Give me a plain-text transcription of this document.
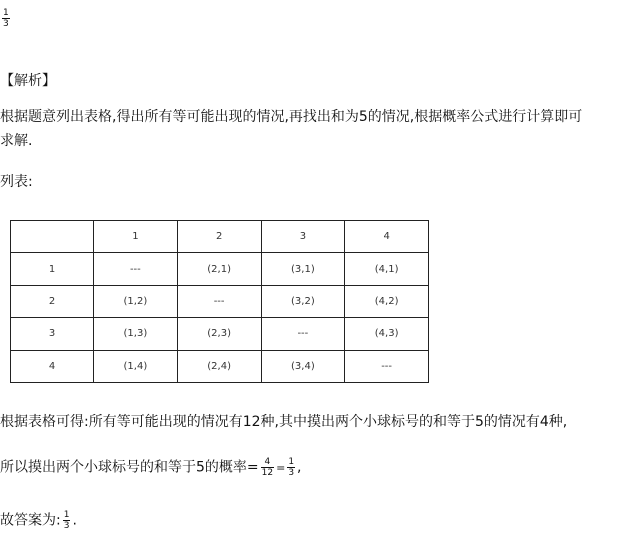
$\frac{1}{3}$
【解析】
根据题意列出表格,得出所有等可能出现的情况,再找出和为5的情况,根据概率公式进行计算即可
求解.
列表:
	1	2	3	4
1	---	(2,1)	(3,1)	(4,1)
2	(1,2)	---	(3,2)	(4,2)
3	(1,3)	(2,3)	---	(4,3)
4	(1,4)	(2,4)	(3,4)	---
根据表格可得:所有等可能出现的情况有12种,其中摸出两个小球标号的和等于5的情况有4种,
所以摸出两个小球标号的和等于5的概率= $\frac{4}{12} = \frac{1}{3}$ ,
故答案为: $\frac{1}{3}$ .
